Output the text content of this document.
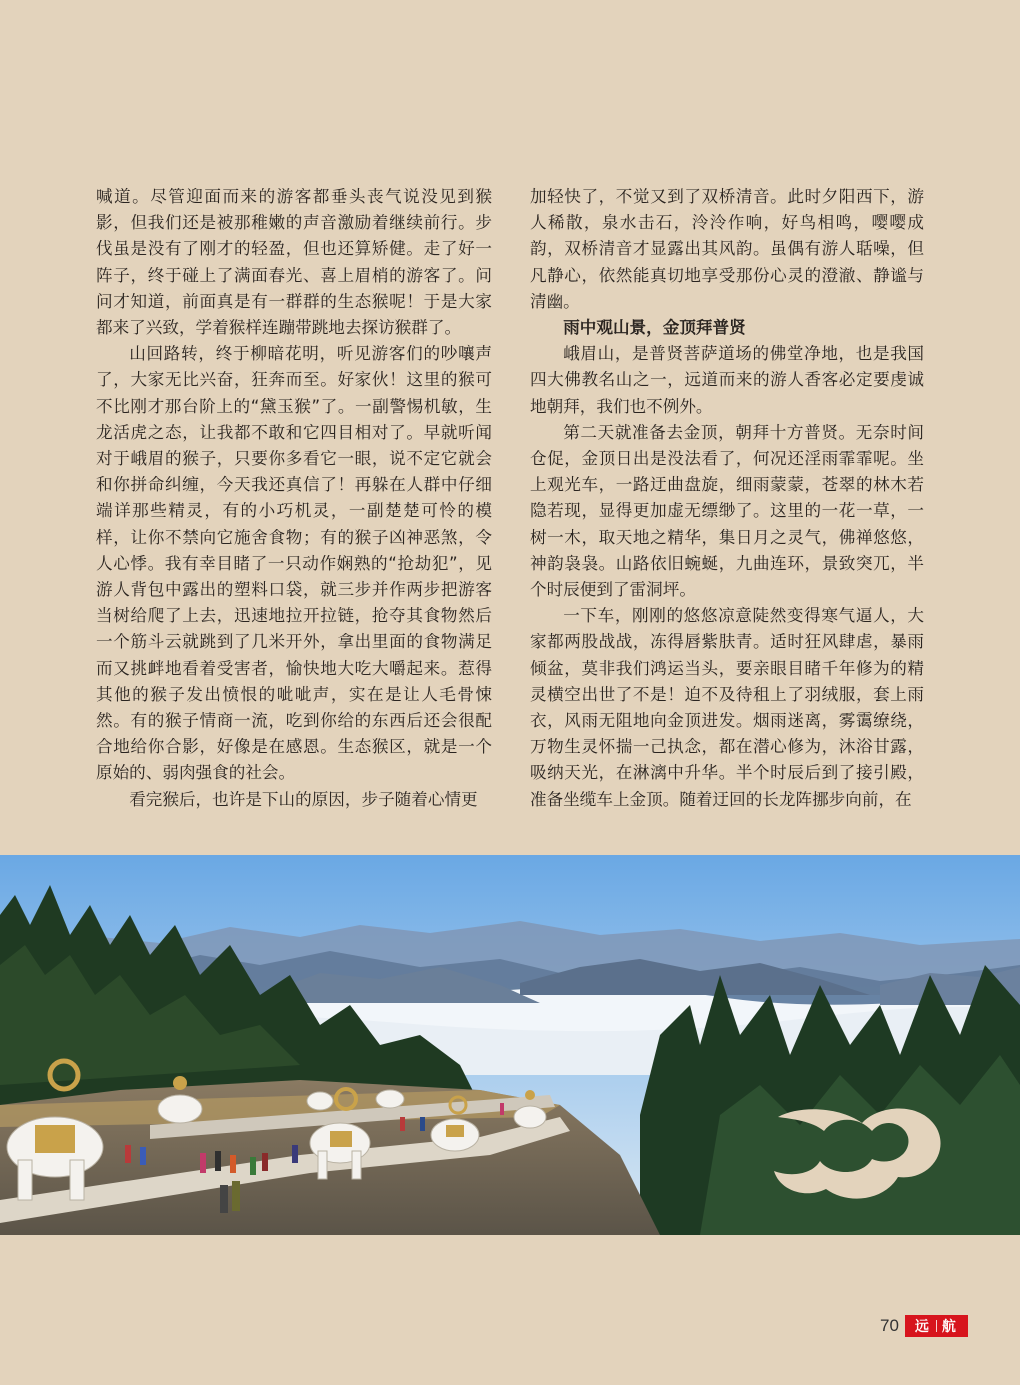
喊道。尽管迎面而来的游客都垂头丧气说没见到猴影，但我们还是被那稚嫩的声音激励着继续前行。步伐虽是没有了刚才的轻盈，但也还算矫健。走了好一阵子，终于碰上了满面春光、喜上眉梢的游客了。问问才知道，前面真是有一群群的生态猴呢！于是大家都来了兴致，学着猴样连蹦带跳地去探访猴群了。

山回路转，终于柳暗花明，听见游客们的吵嚷声了，大家无比兴奋，狂奔而至。好家伙！这里的猴可不比刚才那台阶上的“黛玉猴”了。一副警惕机敏，生龙活虎之态，让我都不敢和它四目相对了。早就听闻对于峨眉的猴子，只要你多看它一眼，说不定它就会和你拼命纠缠，今天我还真信了！再躲在人群中仔细端详那些精灵，有的小巧机灵，一副楚楚可怜的模样，让你不禁向它施舍食物；有的猴子凶神恶煞，令人心悸。我有幸目睹了一只动作娴熟的“抢劫犯”，见游人背包中露出的塑料口袋，就三步并作两步把游客当树给爬了上去，迅速地拉开拉链，抢夺其食物然后一个筋斗云就跳到了几米开外，拿出里面的食物满足而又挑衅地看着受害者，愉快地大吃大嚼起来。惹得其他的猴子发出愤恨的呲呲声，实在是让人毛骨悚然。有的猴子情商一流，吃到你给的东西后还会很配合地给你合影，好像是在感恩。生态猴区，就是一个原始的、弱肉强食的社会。

看完猴后，也许是下山的原因，步子随着心情更

加轻快了，不觉又到了双桥清音。此时夕阳西下，游人稀散，泉水击石，泠泠作响，好鸟相鸣，嘤嘤成韵，双桥清音才显露出其风韵。虽偶有游人聒噪，但凡静心，依然能真切地享受那份心灵的澄澈、静谧与清幽。

雨中观山景，金顶拜普贤

峨眉山，是普贤菩萨道场的佛堂净地，也是我国四大佛教名山之一，远道而来的游人香客必定要虔诚地朝拜，我们也不例外。

第二天就准备去金顶，朝拜十方普贤。无奈时间仓促，金顶日出是没法看了，何况还淫雨霏霏呢。坐上观光车，一路迂曲盘旋，细雨蒙蒙，苍翠的林木若隐若现，显得更加虚无缥缈了。这里的一花一草，一树一木，取天地之精华，集日月之灵气，佛禅悠悠，神韵袅袅。山路依旧蜿蜒，九曲连环，景致突兀，半个时辰便到了雷洞坪。

一下车，刚刚的悠悠凉意陡然变得寒气逼人，大家都两股战战，冻得唇紫肤青。适时狂风肆虐，暴雨倾盆，莫非我们鸿运当头，要亲眼目睹千年修为的精灵横空出世了不是！迫不及待租上了羽绒服，套上雨衣，风雨无阻地向金顶进发。烟雨迷离，雾霭缭绕，万物生灵怀揣一己执念，都在潜心修为，沐浴甘露，吸纳天光，在淋漓中升华。半个时辰后到了接引殿，准备坐缆车上金顶。随着迂回的长龙阵挪步向前，在

70 远 航
